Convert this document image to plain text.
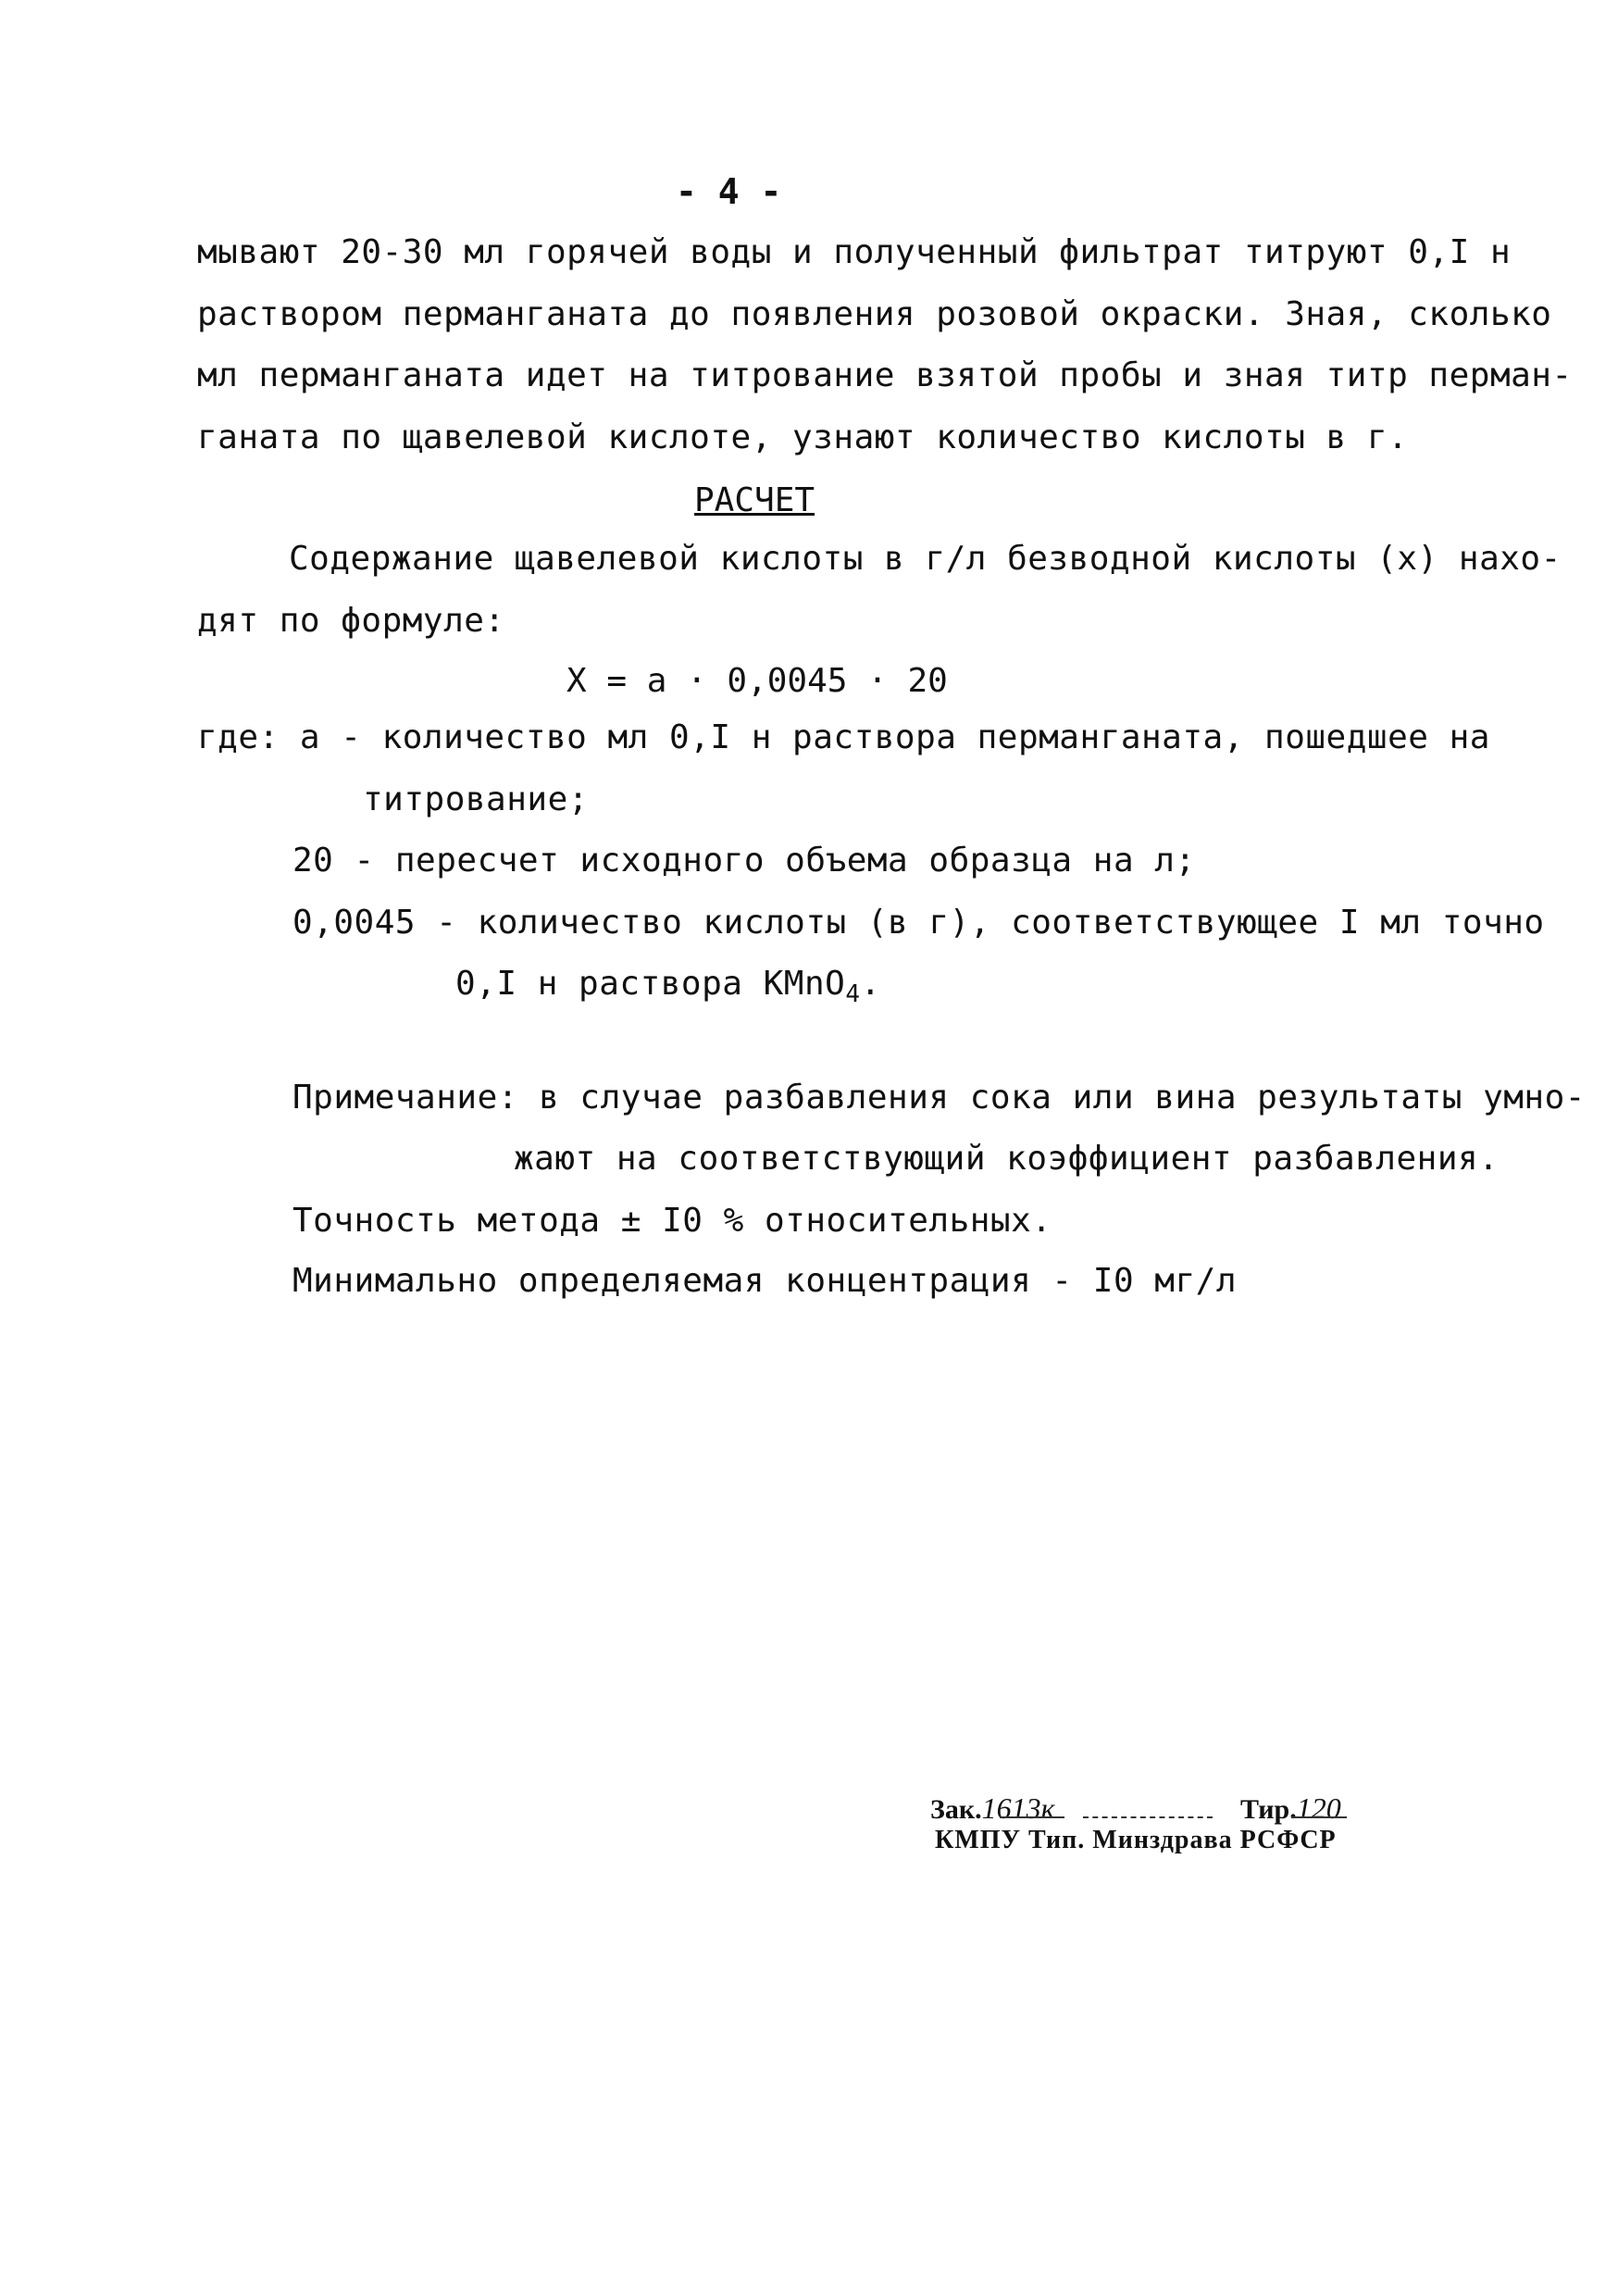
- 4 -
мывают 20-30 мл горячей воды и полученный фильтрат титруют 0,I н
раствором перманганата до появления розовой окраски. Зная, сколько
мл перманганата идет на титрование взятой пробы и зная титр перман-
ганата по щавелевой кислоте, узнают количество кислоты в г.
РАСЧЕТ
Содержание щавелевой кислоты в г/л безводной кислоты (х) нахо-
дят по формуле:
Х = а · 0,0045 · 20
где: а - количество мл 0,I н раствора перманганата, пошедшее на
титрование;
20 - пересчет исходного объема образца на л;
0,0045 - количество кислоты (в г), соответствующее I мл точно
0,I н раствора КМnO$_4$.
Примечание: в случае разбавления сока или вина результаты умно-
жают на соответствующий коэффициент разбавления.
Точность метода ± I0 % относительных.
Минимально определяемая концентрация - I0 мг/л
Зак.1613к	Тир.120
КМПУ Тип. Минздрава РСФСР
